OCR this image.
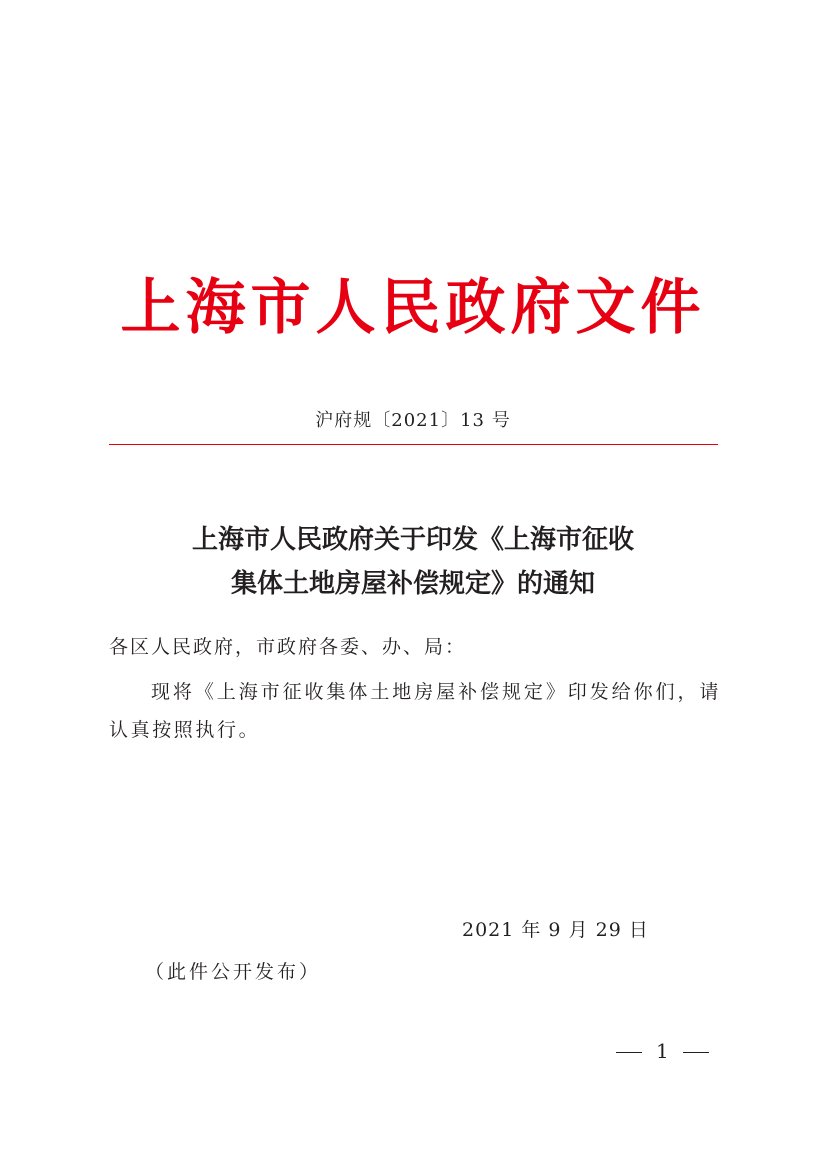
上海市人民政府文件
沪府规〔2021〕13 号
上海市人民政府关于印发《上海市征收
集体土地房屋补偿规定》的通知
各区人民政府，市政府各委、办、局：
现将《上海市征收集体土地房屋补偿规定》印发给你们，请认真按照执行。
2021 年 9 月 29 日
（此件公开发布）
1
